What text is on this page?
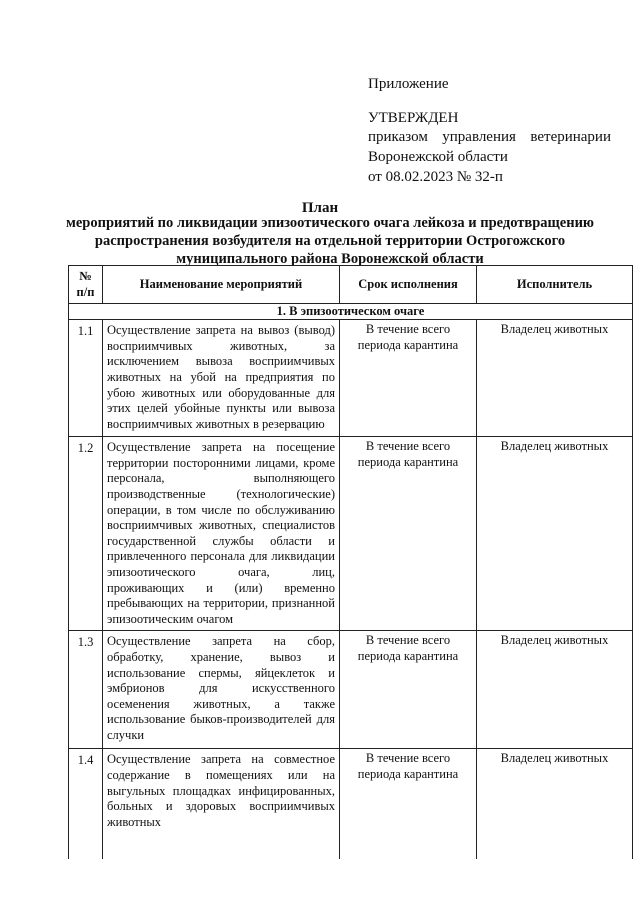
Приложение
УТВЕРЖДЕН
приказом управления ветеринарии
Воронежской области
от 08.02.2023 № 32-п
План
мероприятий по ликвидации эпизоотического очага лейкоза и предотвращению распространения возбудителя на отдельной территории Острогожского муниципального района Воронежской области
№ п/п	Наименование мероприятий	Срок исполнения	Исполнитель
1. В эпизоотическом очаге			
1.1	Осуществление запрета на вывоз (вывод) восприимчивых животных, за исключением вывоза восприимчивых животных на убой на предприятия по убою животных или оборудованные для этих целей убойные пункты или вывоза восприимчивых животных в резервацию	В течение всего периода карантина	Владелец животных
1.2	Осуществление запрета на посещение территории посторонними лицами, кроме персонала, выполняющего производственные (технологические) операции, в том числе по обслуживанию восприимчивых животных, специалистов государственной службы области и привлеченного персонала для ликвидации эпизоотического очага, лиц, проживающих и (или) временно пребывающих на территории, признанной эпизоотическим очагом	В течение всего периода карантина	Владелец животных
1.3	Осуществление запрета на сбор, обработку, хранение, вывоз и использование спермы, яйцеклеток и эмбрионов для искусственного осеменения животных, а также использование быков-производителей для случки	В течение всего периода карантина	Владелец животных
1.4	Осуществление запрета на совместное содержание в помещениях или на выгульных площадках инфицированных, больных и здоровых восприимчивых животных	В течение всего периода карантина	Владелец животных
